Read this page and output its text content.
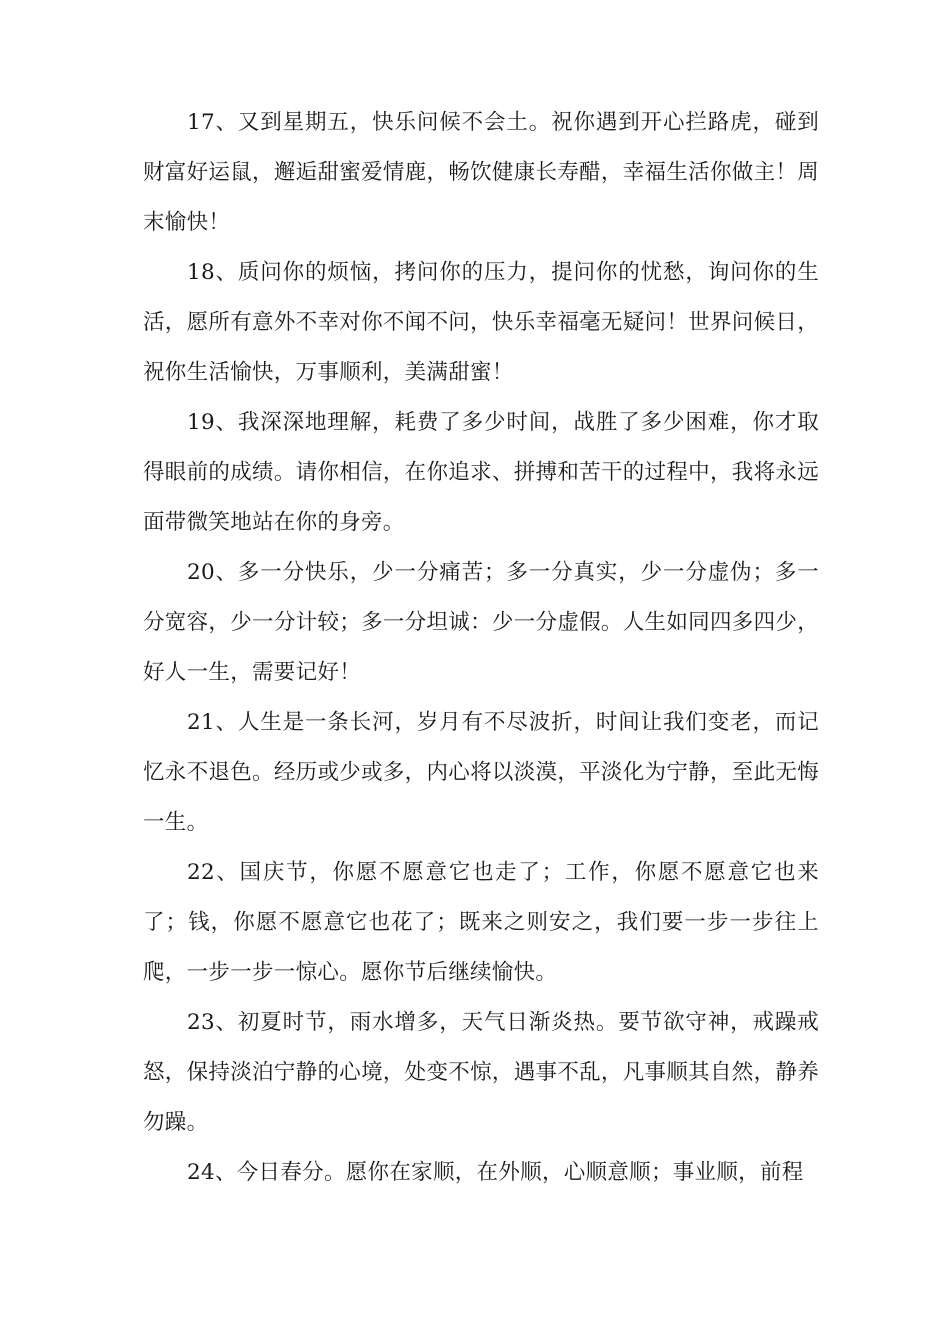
17、又到星期五，快乐问候不会土。祝你遇到开心拦路虎，碰到财富好运鼠，邂逅甜蜜爱情鹿，畅饮健康长寿醋，幸福生活你做主！周末愉快！

18、质问你的烦恼，拷问你的压力，提问你的忧愁，询问你的生活，愿所有意外不幸对你不闻不问，快乐幸福毫无疑问！世界问候日，祝你生活愉快，万事顺利，美满甜蜜！

19、我深深地理解，耗费了多少时间，战胜了多少困难，你才取得眼前的成绩。请你相信，在你追求、拼搏和苦干的过程中，我将永远面带微笑地站在你的身旁。

20、多一分快乐，少一分痛苦；多一分真实，少一分虚伪；多一分宽容，少一分计较；多一分坦诚：少一分虚假。人生如同四多四少，好人一生，需要记好！

21、人生是一条长河，岁月有不尽波折，时间让我们变老，而记忆永不退色。经历或少或多，内心将以淡漠，平淡化为宁静，至此无悔一生。

22、国庆节，你愿不愿意它也走了；工作，你愿不愿意它也来了；钱，你愿不愿意它也花了；既来之则安之，我们要一步一步往上爬，一步一步一惊心。愿你节后继续愉快。

23、初夏时节，雨水增多，天气日渐炎热。要节欲守神，戒躁戒怒，保持淡泊宁静的心境，处变不惊，遇事不乱，凡事顺其自然，静养勿躁。

24、今日春分。愿你在家顺，在外顺，心顺意顺；事业顺，前程
